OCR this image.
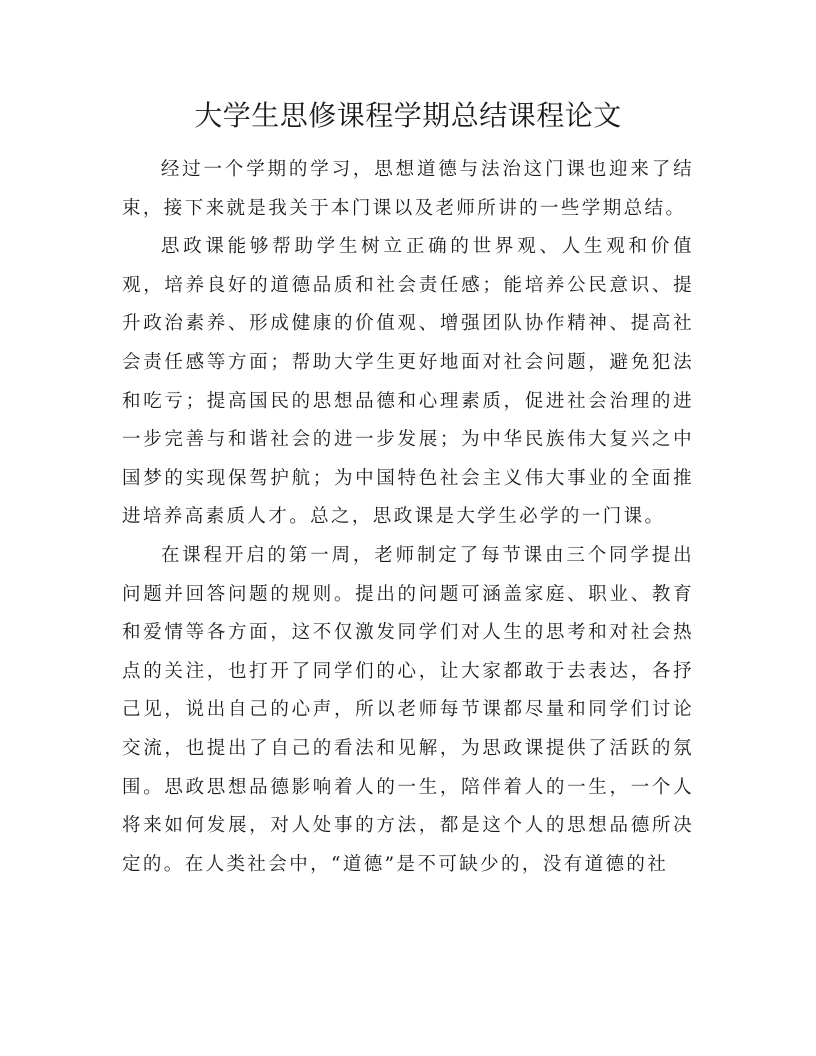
大学生思修课程学期总结课程论文

经过一个学期的学习，思想道德与法治这门课也迎来了结束，接下来就是我关于本门课以及老师所讲的一些学期总结。

思政课能够帮助学生树立正确的世界观、人生观和价值观，培养良好的道德品质和社会责任感；能培养公民意识、提升政治素养、形成健康的价值观、增强团队协作精神、提高社会责任感等方面；帮助大学生更好地面对社会问题，避免犯法和吃亏；提高国民的思想品德和心理素质，促进社会治理的进一步完善与和谐社会的进一步发展；为中华民族伟大复兴之中国梦的实现保驾护航；为中国特色社会主义伟大事业的全面推进培养高素质人才。总之，思政课是大学生必学的一门课。

在课程开启的第一周，老师制定了每节课由三个同学提出问题并回答问题的规则。提出的问题可涵盖家庭、职业、教育和爱情等各方面，这不仅激发同学们对人生的思考和对社会热点的关注，也打开了同学们的心，让大家都敢于去表达，各抒己见，说出自己的心声，所以老师每节课都尽量和同学们讨论交流，也提出了自己的看法和见解，为思政课提供了活跃的氛围。思政思想品德影响着人的一生，陪伴着人的一生，一个人将来如何发展，对人处事的方法，都是这个人的思想品德所决定的。在人类社会中，“道德”是不可缺少的，没有道德的社
